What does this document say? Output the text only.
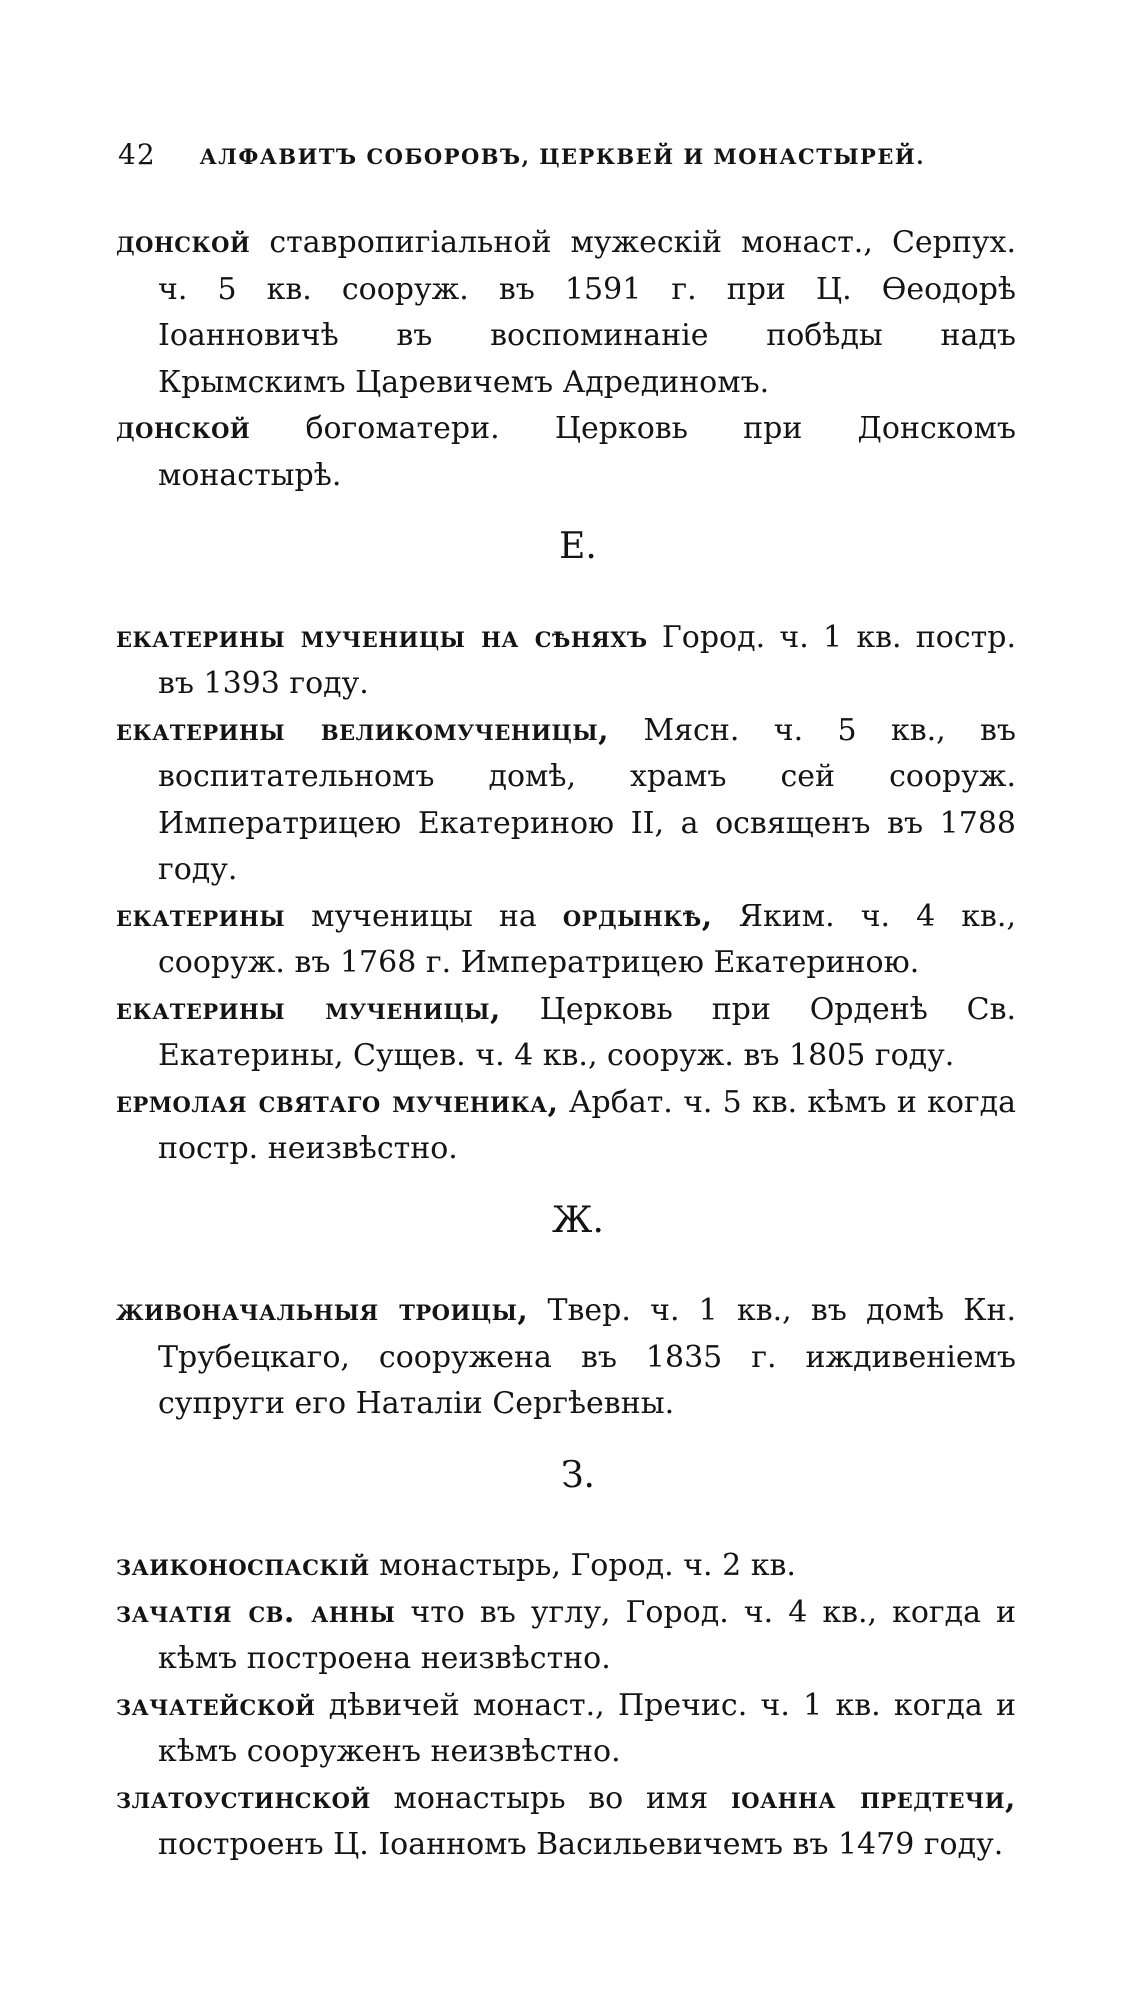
42 АЛФАВИТЪ СОБОРОВЪ, ЦЕРКВЕЙ И МОНАСТЫРЕЙ.

донской ставропигіальной мужескій монаст., Серпух. ч. 5 кв. сооруж. въ 1591 г. при Ц. Ѳеодорѣ Іоанновичѣ въ воспоминаніе побѣды надъ Крымскимъ Царевичемъ Адрединомъ.

донской богоматери. Церковь при Донскомъ монастырѣ.

Е.

екатерины мученицы на сѣняхъ Город. ч. 1 кв. постр. въ 1393 году.

екатерины великомученицы, Мясн. ч. 5 кв., въ воспитательномъ домѣ, храмъ сей сооруж. Императрицею Екатериною II, а освященъ въ 1788 году.

екатерины мученицы на ордынкѣ, Яким. ч. 4 кв., сооруж. въ 1768 г. Императрицею Екатериною.

екатерины мученицы, Церковь при Орденѣ Св. Екатерины, Сущев. ч. 4 кв., сооруж. въ 1805 году.

ермолая святаго мученика, Арбат. ч. 5 кв. кѣмъ и когда постр. неизвѣстно.

Ж.

живоначальныя троицы, Твер. ч. 1 кв., въ домѣ Кн. Трубецкаго, сооружена въ 1835 г. иждивеніемъ супруги его Наталіи Сергѣевны.

З.

заиконоспаскій монастырь, Город. ч. 2 кв.

зачатія св. анны что въ углу, Город. ч. 4 кв., когда и кѣмъ построена неизвѣстно.

зачатейской дѣвичей монаст., Пречис. ч. 1 кв. когда и кѣмъ сооруженъ неизвѣстно.

златоустинской монастырь во имя іоанна предтечи, построенъ Ц. Іоанномъ Васильевичемъ въ 1479 году.
